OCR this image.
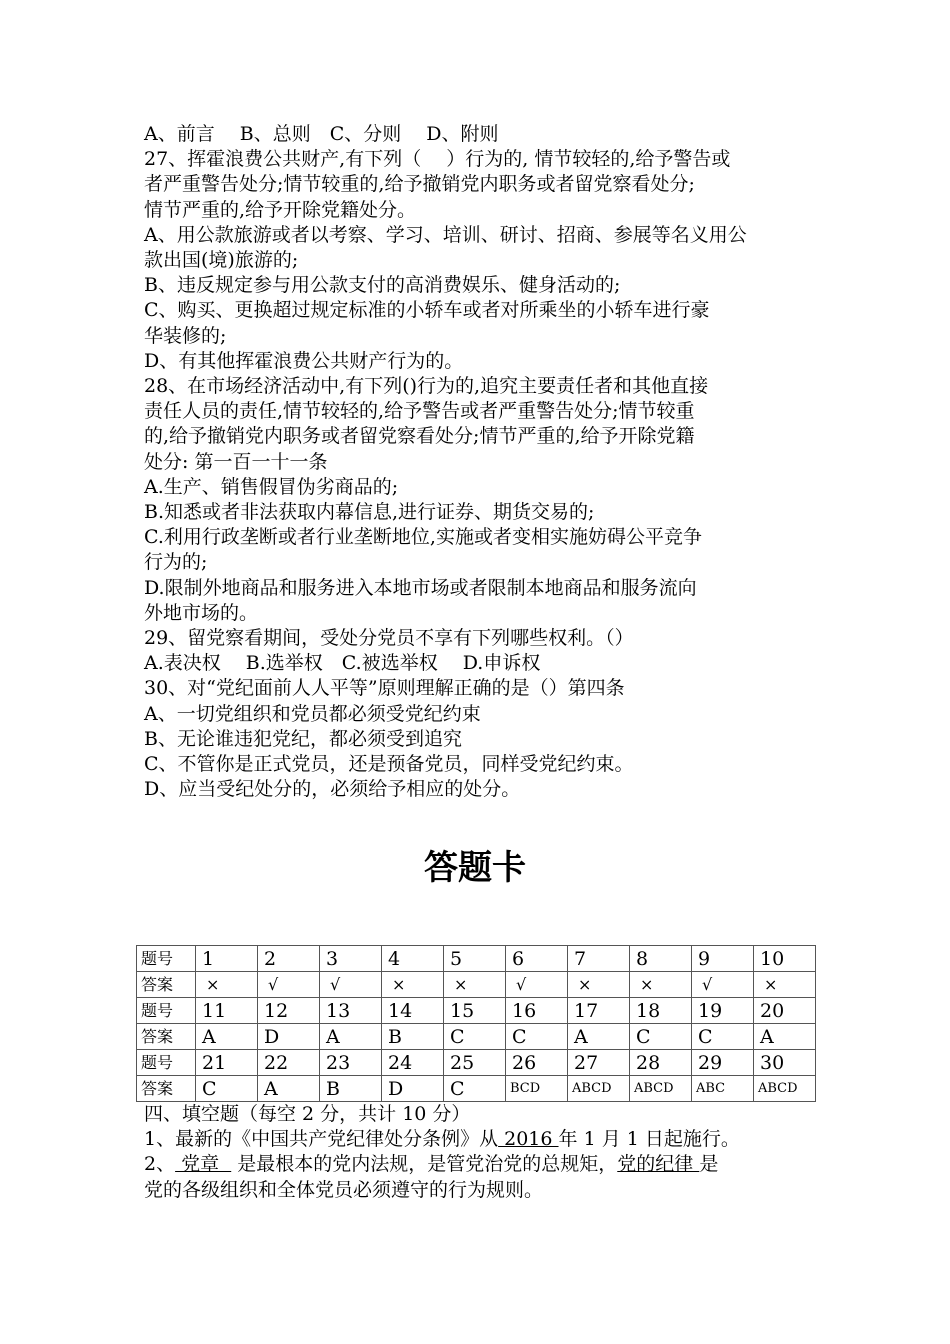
A、前言　 B、总则　C、分则　 D、附则
27、挥霍浪费公共财产,有下列（　 ）行为的, 情节较轻的,给予警告或
者严重警告处分;情节较重的,给予撤销党内职务或者留党察看处分;
情节严重的,给予开除党籍处分。
A、用公款旅游或者以考察、学习、培训、研讨、招商、参展等名义用公
款出国(境)旅游的;
B、违反规定参与用公款支付的高消费娱乐、健身活动的;
C、购买、更换超过规定标准的小轿车或者对所乘坐的小轿车进行豪
华装修的;
D、有其他挥霍浪费公共财产行为的。
28、在市场经济活动中,有下列()行为的,追究主要责任者和其他直接
责任人员的责任,情节较轻的,给予警告或者严重警告处分;情节较重
的,给予撤销党内职务或者留党察看处分;情节严重的,给予开除党籍
处分: 第一百一十一条
A.生产、销售假冒伪劣商品的;
B.知悉或者非法获取内幕信息,进行证券、期货交易的;
C.利用行政垄断或者行业垄断地位,实施或者变相实施妨碍公平竞争
行为的;
D.限制外地商品和服务进入本地市场或者限制本地商品和服务流向
外地市场的。
29、留党察看期间，受处分党员不享有下列哪些权利。（）
A.表决权　 B.选举权　C.被选举权　 D.申诉权
30、对“党纪面前人人平等”原则理解正确的是（）第四条
A、一切党组织和党员都必须受党纪约束
B、无论谁违犯党纪，都必须受到追究
C、不管你是正式党员，还是预备党员，同样受党纪约束。
D、应当受纪处分的，必须给予相应的处分。
答题卡
题号	1	2	3	4	5	6	7	8	9	10
答案	×	√	√	×	×	√	×	×	√	×
题号	11	12	13	14	15	16	17	18	19	20
答案	A	D	A	B	C	C	A	C	C	A
题号	21	22	23	24	25	26	27	28	29	30
答案	C	A	B	D	C	BCD	ABCD	ABCD	ABC	ABCD
四、填空题（每空 2 分，共计 10 分）
1、最新的《中国共产党纪律处分条例》从 2016 年 1 月 1 日起施行。
2、 党章   是最根本的党内法规，是管党治党的总规矩，党的纪律 是
党的各级组织和全体党员必须遵守的行为规则。
